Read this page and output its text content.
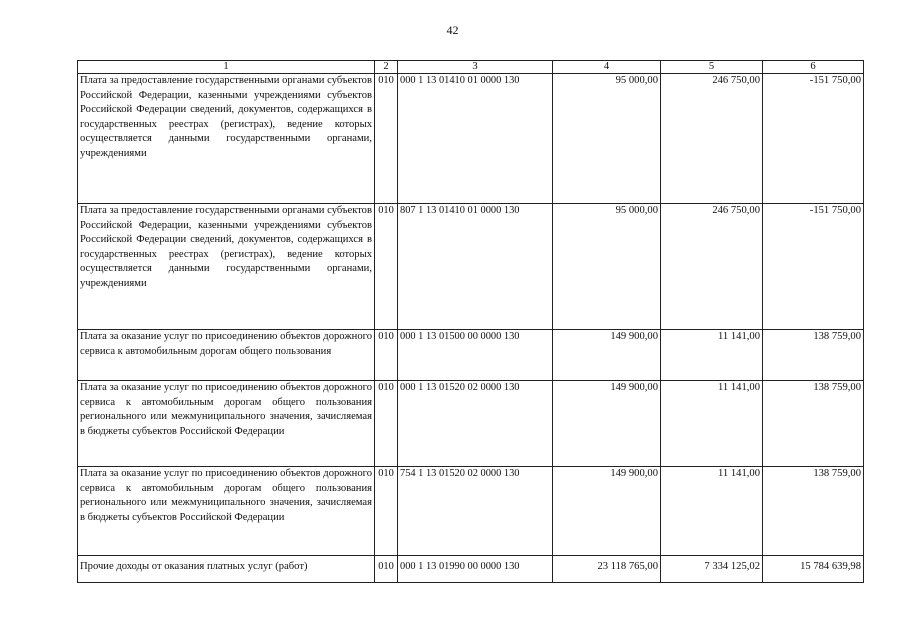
42
1	2	3	4	5	6
Плата за предоставление государственными органами субъектов Российской Федерации, казенными учреждениями субъектов Российской Федерации сведений, документов, содержащихся в государственных реестрах (регистрах), ведение которых осуществляется данными государственными органами, учреждениями	010	000 1 13 01410 01 0000 130	95 000,00	246 750,00	-151 750,00
Плата за предоставление государственными органами субъектов Российской Федерации, казенными учреждениями субъектов Российской Федерации сведений, документов, содержащихся в государственных реестрах (регистрах), ведение которых осуществляется данными государственными органами, учреждениями	010	807 1 13 01410 01 0000 130	95 000,00	246 750,00	-151 750,00
Плата за оказание услуг по присоединению объектов дорожного сервиса к автомобильным дорогам общего пользования	010	000 1 13 01500 00 0000 130	149 900,00	11 141,00	138 759,00
Плата за оказание услуг по присоединению объектов дорожного сервиса к автомобильным дорогам общего пользования регионального или межмуниципального значения, зачисляемая в бюджеты субъектов Российской Федерации	010	000 1 13 01520 02 0000 130	149 900,00	11 141,00	138 759,00
Плата за оказание услуг по присоединению объектов дорожного сервиса к автомобильным дорогам общего пользования регионального или межмуниципального значения, зачисляемая в бюджеты субъектов Российской Федерации	010	754 1 13 01520 02 0000 130	149 900,00	11 141,00	138 759,00
Прочие доходы от оказания платных услуг (работ)	010	000 1 13 01990 00 0000 130	23 118 765,00	7 334 125,02	15 784 639,98
